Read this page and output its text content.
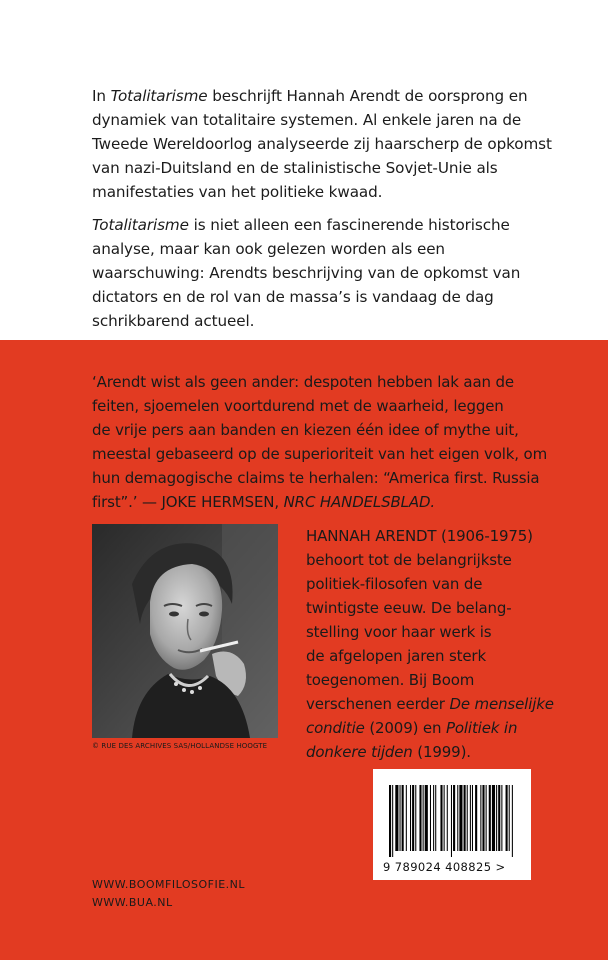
In Totalitarisme beschrijft Hannah Arendt de oorsprong en
dynamiek van totalitaire systemen. Al enkele jaren na de
Tweede Wereldoorlog analyseerde zij haarscherp de opkomst
van nazi-Duitsland en de stalinistische Sovjet-Unie als
manifestaties van het politieke kwaad.
Totalitarisme is niet alleen een fascinerende historische
analyse, maar kan ook gelezen worden als een
waarschuwing: Arendts beschrijving van de opkomst van
dictators en de rol van de massa’s is vandaag de dag
schrikbarend actueel.
‘Arendt wist als geen ander: despoten hebben lak aan de
feiten, sjoemelen voortdurend met de waarheid, leggen
de vrije pers aan banden en kiezen één idee of mythe uit,
meestal gebaseerd op de superioriteit van het eigen volk, om
hun demagogische claims te herhalen: “America first. Russia
first”.’ — JOKE HERMSEN, NRC HANDELSBLAD.
© RUE DES ARCHIVES SAS/HOLLANDSE HOOGTE
HANNAH ARENDT (1906-1975)
behoort tot de belangrijkste
politiek-filosofen van de
twintigste eeuw. De belang-
stelling voor haar werk is
de afgelopen jaren sterk
toegenomen. Bij Boom
verschenen eerder De menselijke
conditie (2009) en Politiek in
donkere tijden (1999).
9 789024 408825 >
WWW.BOOMFILOSOFIE.NL
WWW.BUA.NL
